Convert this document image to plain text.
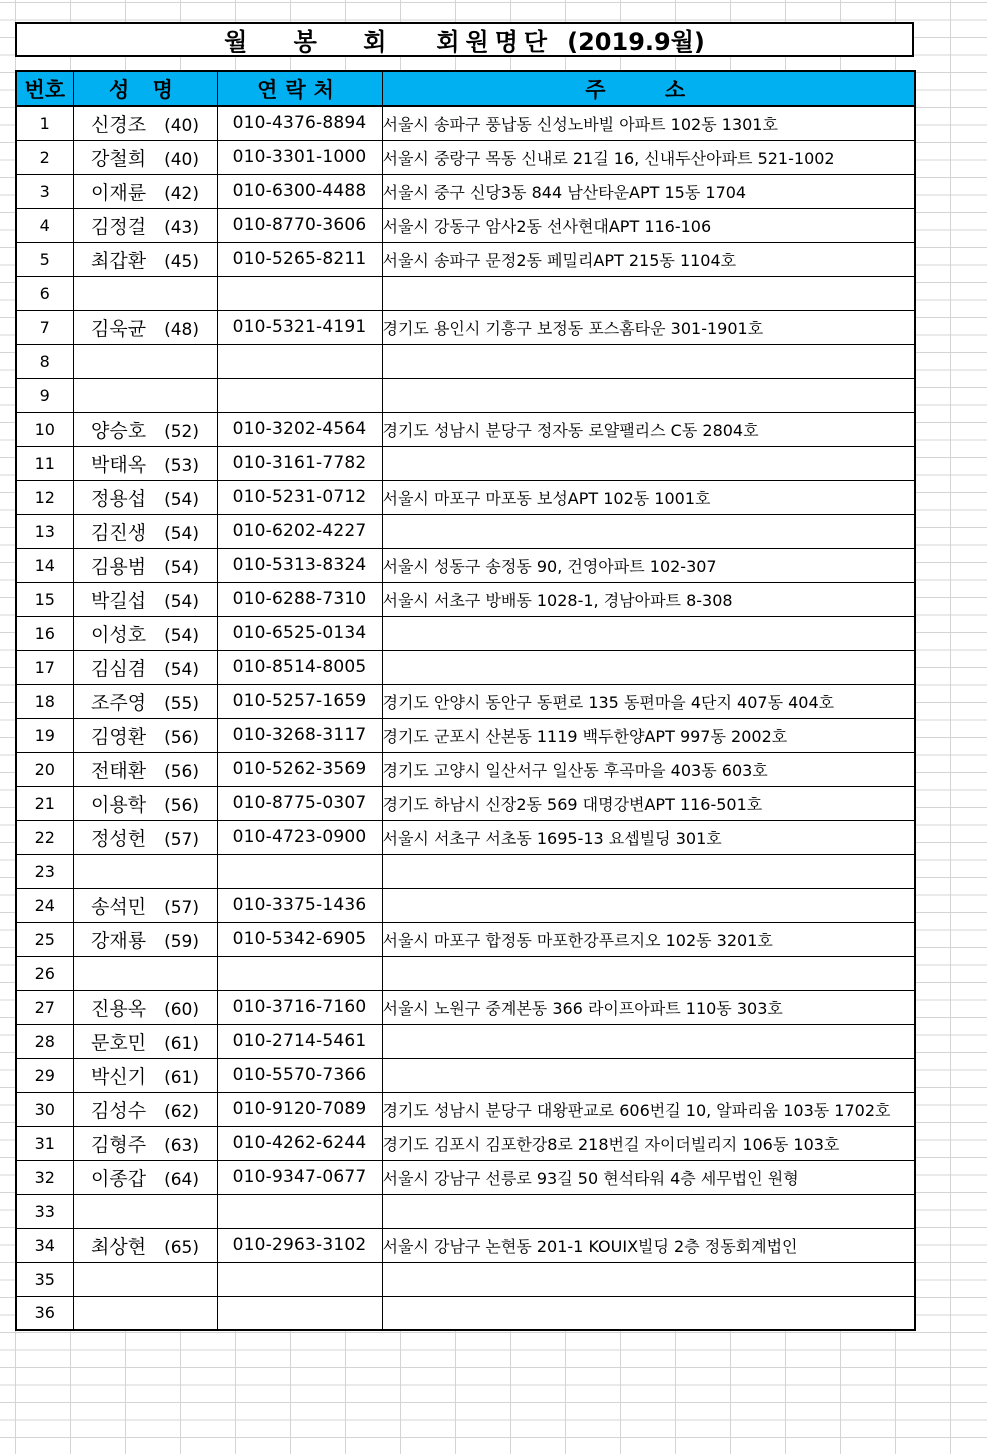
월 봉 회 회원명단 (2019.9월)
번호	성 명	연락처	주 소
1	신경조 (40)	010-4376-8894	서울시 송파구 풍납동 신성노바빌 아파트 102동 1301호
2	강철희 (40)	010-3301-1000	서울시 중랑구 목동 신내로 21길 16, 신내두산아파트 521-1002
3	이재륜 (42)	010-6300-4488	서울시 중구 신당3동 844 남산타운APT 15동 1704
4	김정걸 (43)	010-8770-3606	서울시 강동구 암사2동 선사현대APT 116-106
5	최갑환 (45)	010-5265-8211	서울시 송파구 문정2동 페밀리APT 215동 1104호
6			
7	김욱균 (48)	010-5321-4191	경기도 용인시 기흥구 보정동 포스홈타운 301-1901호
8			
9			
10	양승호 (52)	010-3202-4564	경기도 성남시 분당구 정자동 로얄팰리스 C동 2804호
11	박태옥 (53)	010-3161-7782	
12	정용섭 (54)	010-5231-0712	서울시 마포구 마포동 보성APT 102동 1001호
13	김진생 (54)	010-6202-4227	
14	김용범 (54)	010-5313-8324	서울시 성동구 송정동 90, 건영아파트 102-307
15	박길섭 (54)	010-6288-7310	서울시 서초구 방배동 1028-1, 경남아파트 8-308
16	이성호 (54)	010-6525-0134	
17	김심겸 (54)	010-8514-8005	
18	조주영 (55)	010-5257-1659	경기도 안양시 동안구 동편로 135 동편마을 4단지 407동 404호
19	김영환 (56)	010-3268-3117	경기도 군포시 산본동 1119 백두한양APT 997동 2002호
20	전태환 (56)	010-5262-3569	경기도 고양시 일산서구 일산동 후곡마을 403동 603호
21	이용학 (56)	010-8775-0307	경기도 하남시 신장2동 569 대명강변APT 116-501호
22	정성헌 (57)	010-4723-0900	서울시 서초구 서초동 1695-13 요셉빌딩 301호
23			
24	송석민 (57)	010-3375-1436	
25	강재룡 (59)	010-5342-6905	서울시 마포구 합정동 마포한강푸르지오 102동 3201호
26			
27	진용옥 (60)	010-3716-7160	서울시 노원구 중계본동 366 라이프아파트 110동 303호
28	문호민 (61)	010-2714-5461	
29	박신기 (61)	010-5570-7366	
30	김성수 (62)	010-9120-7089	경기도 성남시 분당구 대왕판교로 606번길 10, 알파리움 103동 1702호
31	김형주 (63)	010-4262-6244	경기도 김포시 김포한강8로 218번길 자이더빌리지 106동 103호
32	이종갑 (64)	010-9347-0677	서울시 강남구 선릉로 93길 50 현석타워 4층 세무법인 원형
33			
34	최상현 (65)	010-2963-3102	서울시 강남구 논현동 201-1 KOUIX빌딩 2층 정동회계법인
35			
36			
